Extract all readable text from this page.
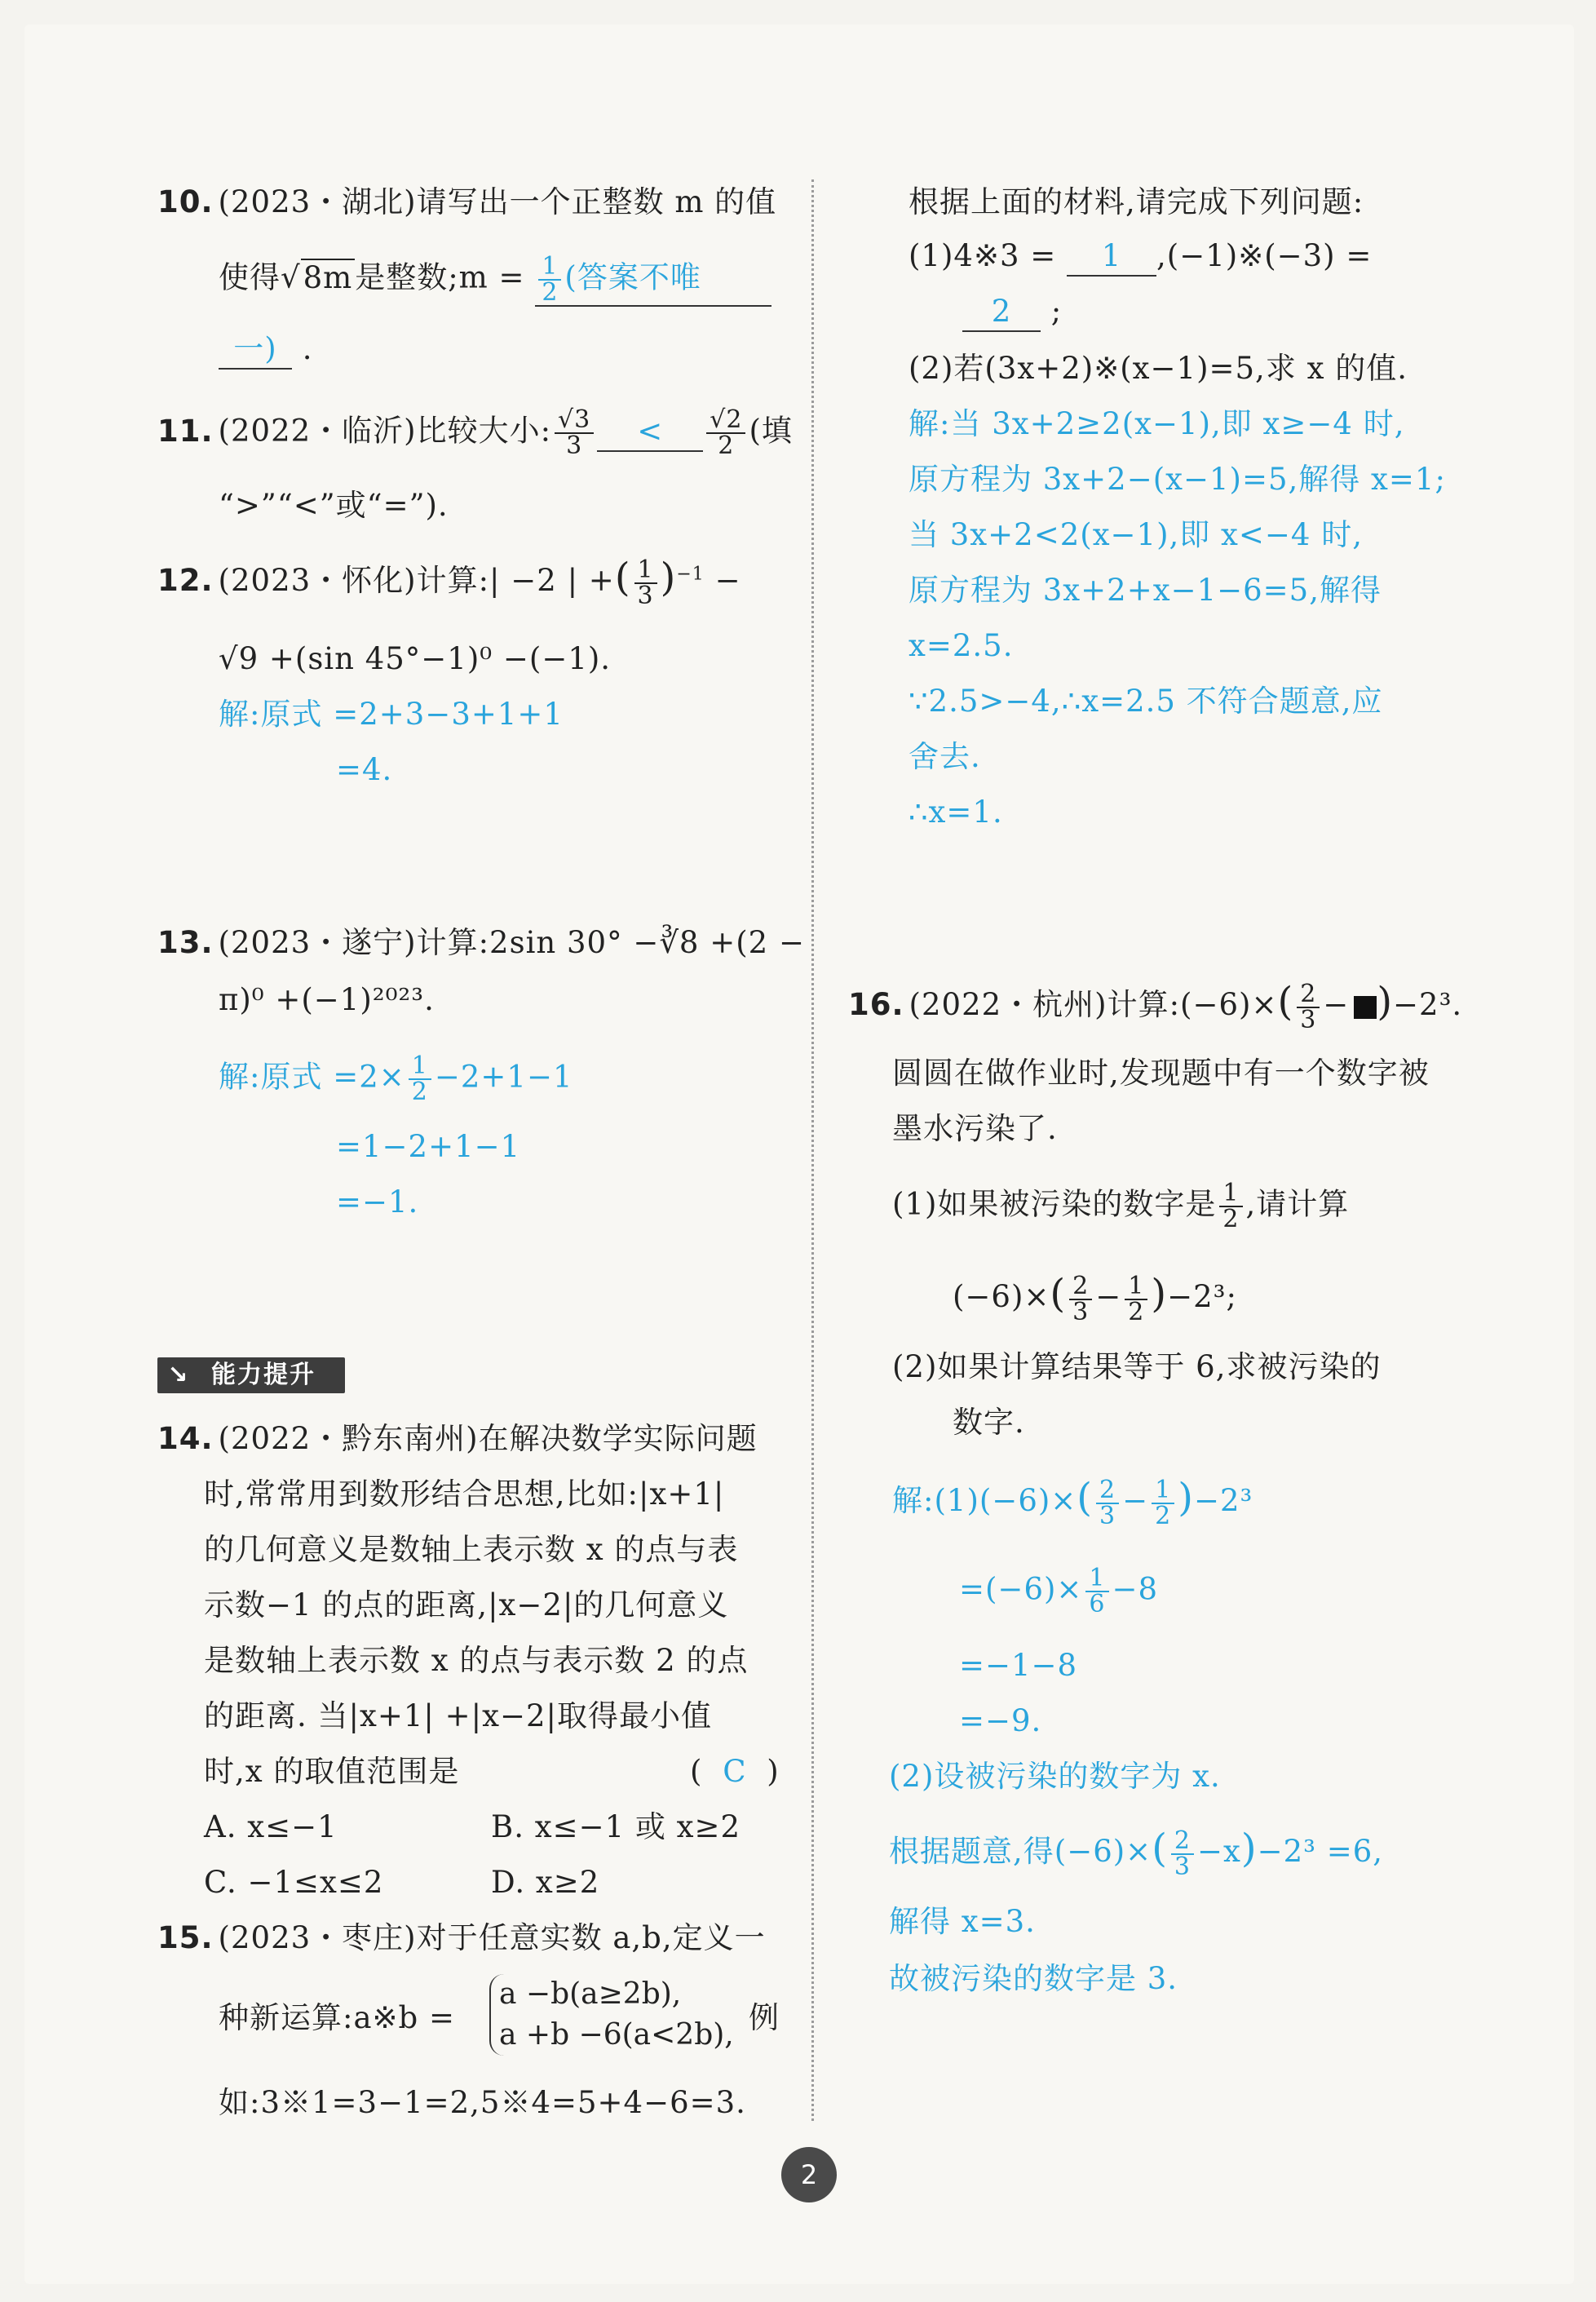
10. (2023・湖北)请写出一个正整数 m 的值
使得√8m是整数;m = $\frac{1}{2}$ (答案不唯
一) .
11. (2022・临沂)比较大小: $\frac{√3}{3} < \frac{√2}{2}$ (填
“>”“<”或“=”).
12. (2023・怀化)计算:| −2 | +( $\frac{1}{3} )^{-1}$ −
√9 +(sin 45°−1)⁰ −(−1).
解:原式 =2+3−3+1+1
=4.
13. (2023・遂宁)计算:2sin 30° −∛8 +(2 −
π)⁰ +(−1)²⁰²³.
解:原式 $=2\times \frac{1}{2} -2+1-1$
=1−2+1−1
=−1.
↘ 能力提升
14. (2022・黔东南州)在解决数学实际问题
时,常常用到数形结合思想,比如:|x+1|
的几何意义是数轴上表示数 x 的点与表
示数−1 的点的距离,|x−2|的几何意义
是数轴上表示数 x 的点与表示数 2 的点
的距离. 当|x+1| +|x−2|取得最小值
时,x 的取值范围是	( C )
A. x≤−1	B. x≤−1 或 x≥2
C. −1≤x≤2	D. x≥2
15. (2023・枣庄)对于任意实数 a,b,定义一
种新运算:a※b =
a −b(a≥2b),
a +b −6(a<2b), 例
如:3※1=3−1=2,5※4=5+4−6=3.
根据上面的材料,请完成下列问题:
(1)4※3 = 1 ,(−1)※(−3) =
2 ;
(2)若(3x+2)※(x−1)=5,求 x 的值.
解:当 3x+2≥2(x−1),即 x≥−4 时,
原方程为 3x+2−(x−1)=5,解得 x=1;
当 3x+2<2(x−1),即 x<−4 时,
原方程为 3x+2+x−1−6=5,解得
x=2.5.
∵2.5>−4,∴x=2.5 不符合题意,应
舍去.
∴x=1.
16. (2022・杭州)计算:(−6)×( $\frac{2}{3} - )-2^3$.
圆圆在做作业时,发现题中有一个数字被
墨水污染了.
(1)如果被污染的数字是 $\frac{1}{2}$ ,请计算
$(-6)\times( \frac{2}{3} - \frac{1}{2} )-2^3$;
(2)如果计算结果等于 6,求被污染的
数字.
解:(1)(−6)×( $\frac{2}{3} - \frac{1}{2} )-2^3$
$=(-6)\times \frac{1}{6} -8$
=−1−8
=−9.
(2)设被污染的数字为 x.
根据题意,得$(-6)\times( \frac{2}{3} -x)-2^3 =6$,
解得 x=3.
故被污染的数字是 3.
2
